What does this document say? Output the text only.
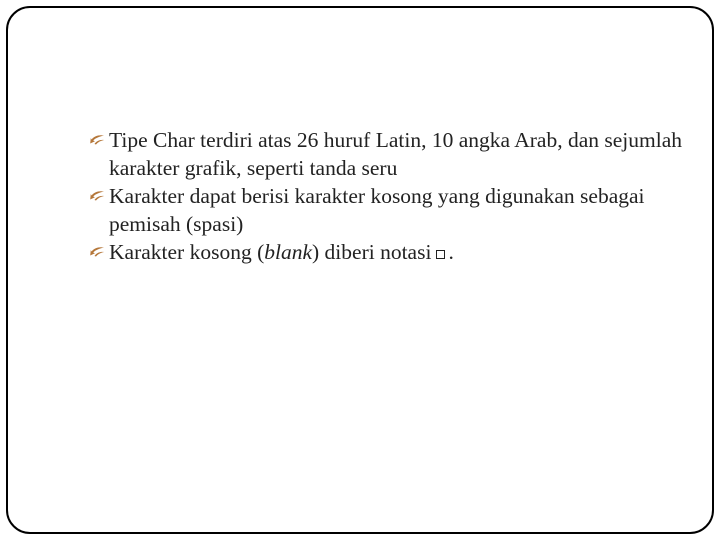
Tipe Char terdiri atas 26 huruf Latin, 10 angka Arab, dan sejumlah karakter grafik, seperti tanda seru
Karakter dapat berisi karakter kosong yang digunakan sebagai pemisah (spasi)
Karakter kosong (blank) diberi notasi .
